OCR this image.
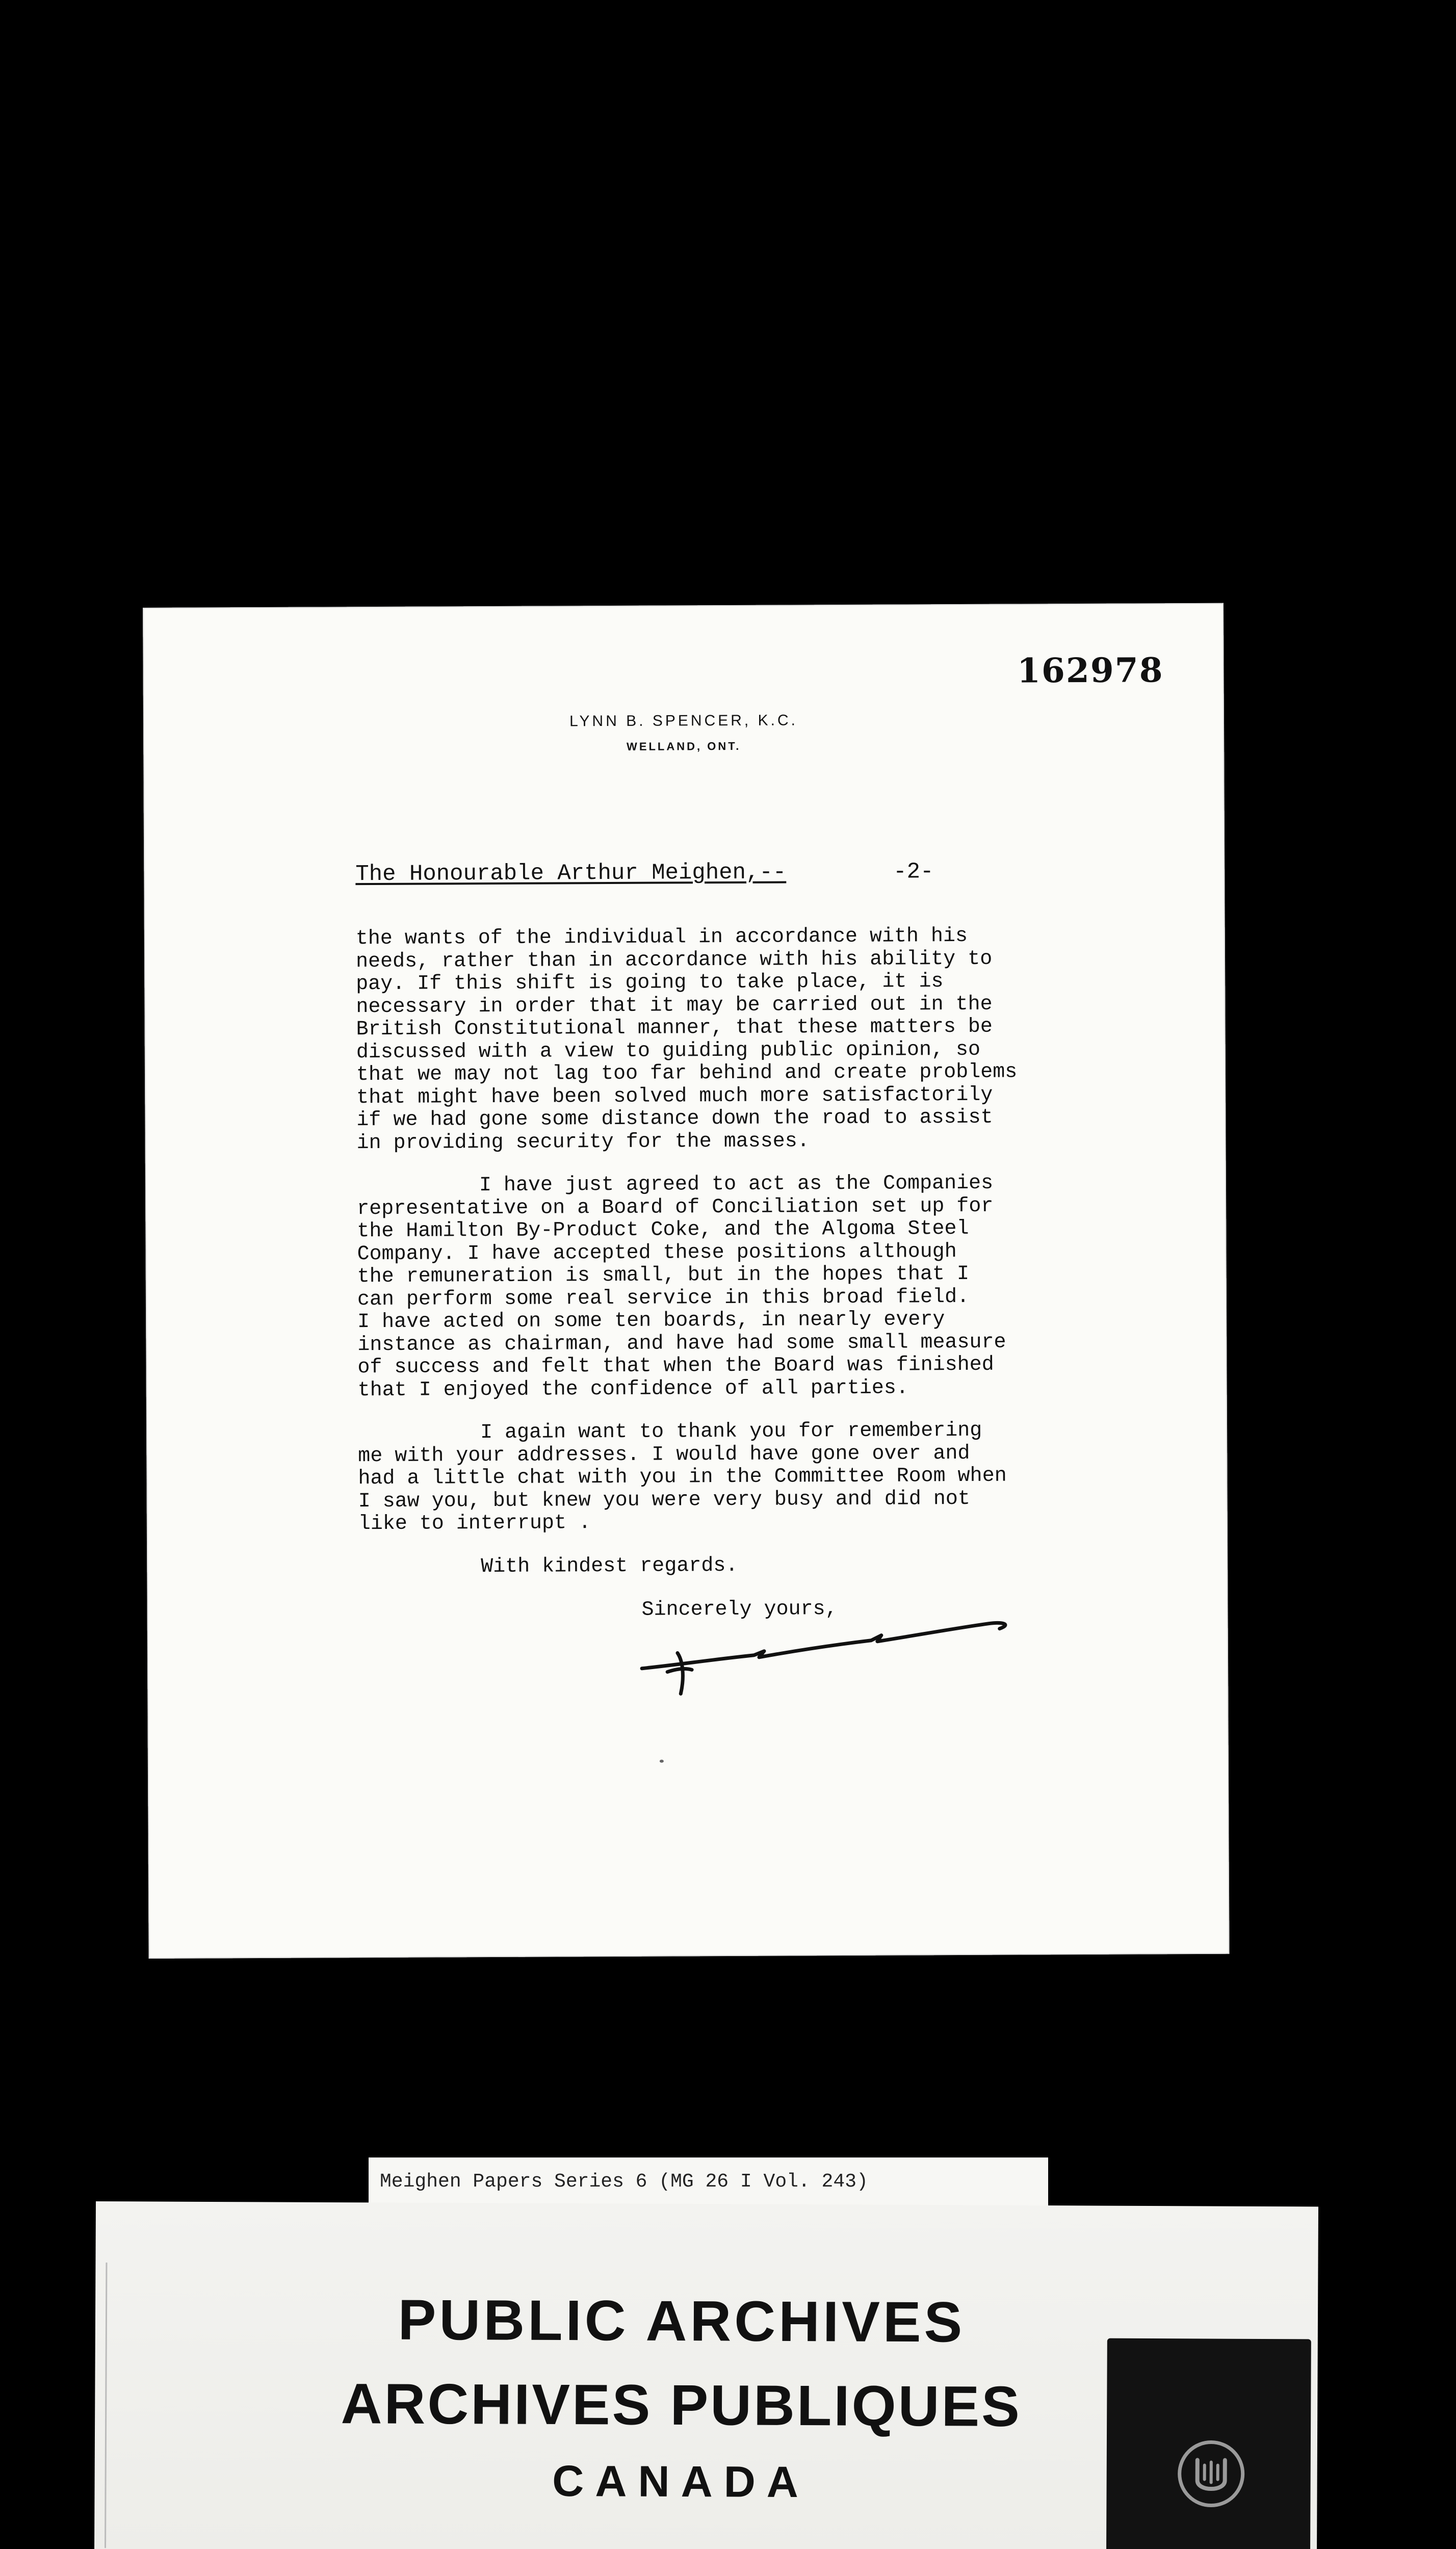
162978
LYNN B. SPENCER, K.C.
WELLAND, ONT.
The Honourable Arthur Meighen,--	-2-

the wants of the individual in accordance with his
needs, rather than in accordance with his ability to
pay. If this shift is going to take place, it is
necessary in order that it may be carried out in the
British Constitutional manner, that these matters be
discussed with a view to guiding public opinion, so
that we may not lag too far behind and create problems
that might have been solved much more satisfactorily
if we had gone some distance down the road to assist
in providing security for the masses.

I have just agreed to act as the Companies
representative on a Board of Conciliation set up for
the Hamilton By-Product Coke, and the Algoma Steel
Company. I have accepted these positions although
the remuneration is small, but in the hopes that I
can perform some real service in this broad field.
I have acted on some ten boards, in nearly every
instance as chairman, and have had some small measure
of success and felt that when the Board was finished
that I enjoyed the confidence of all parties.

I again want to thank you for remembering
me with your addresses. I would have gone over and
had a little chat with you in the Committee Room when
I saw you, but knew you were very busy and did not
like to interrupt .

With kindest regards.

Sincerely yours,

Meighen Papers Series 6 (MG 26 I Vol. 243)
PUBLIC ARCHIVES
ARCHIVES PUBLIQUES
CANADA
